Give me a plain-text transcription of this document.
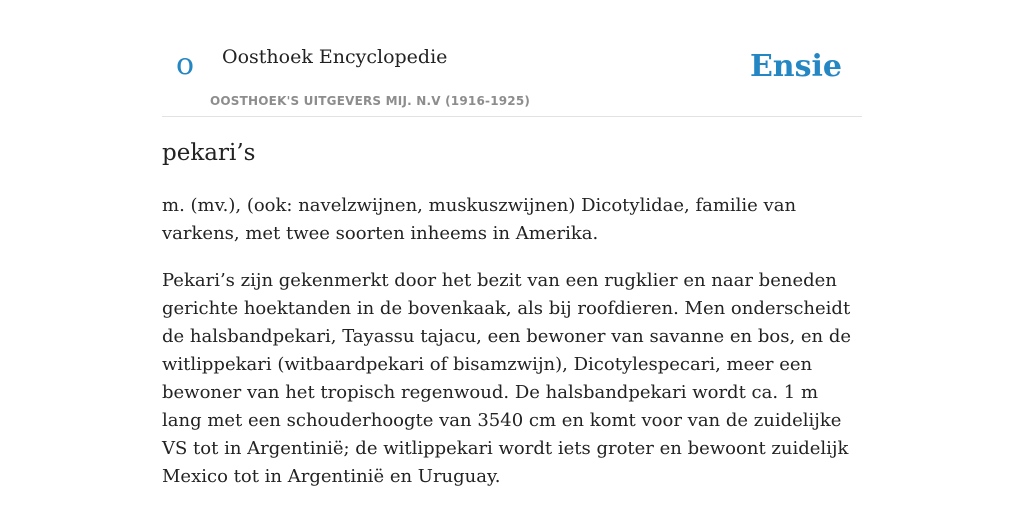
o Oosthoek Encyclopedie
OOSTHOEK'S UITGEVERS MIJ. N.V (1916-1925)
Ensie
pekari’s

m. (mv.), (ook: navelzwijnen, muskuszwijnen) Dicotylidae, familie van varkens, met twee soorten inheems in Amerika.

Pekari’s zijn gekenmerkt door het bezit van een rugklier en naar beneden gerichte hoektanden in de bovenkaak, als bij roofdieren. Men onderscheidt de halsbandpekari, Tayassu tajacu, een bewoner van savanne en bos, en de witlippekari (witbaardpekari of bisamzwijn), Dicotylespecari, meer een bewoner van het tropisch regenwoud. De halsbandpekari wordt ca. 1 m lang met een schouderhoogte van 3540 cm en komt voor van de zuidelijke VS tot in Argentinië; de witlippekari wordt iets groter en bewoont zuidelijk Mexico tot in Argentinië en Uruguay.
